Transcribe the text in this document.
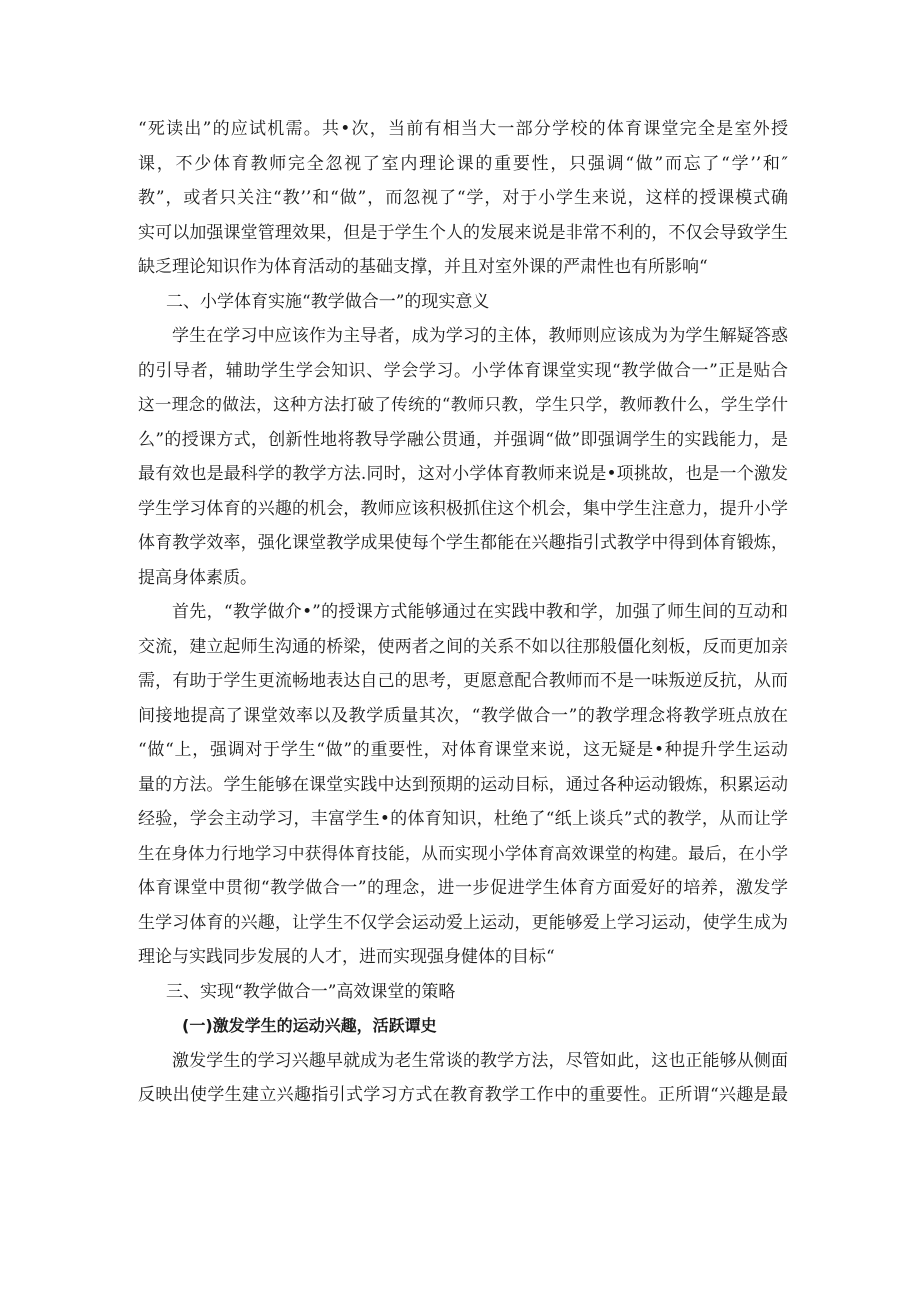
“死读出”的应试机需。共•次，当前有相当大一部分学校的体育课堂完全是室外授
课，不少体育教师完全忽视了室内理论课的重要性，只强调“做”而忘了“学’’和″
教”，或者只关注“教’’和“做”，而忽视了“学，对于小学生来说，这样的授课模式确
实可以加强课堂管理效果，但是于学生个人的发展来说是非常不利的，不仅会导致学生
缺乏理论知识作为体育活动的基础支撑，并且对室外课的严肃性也有所影响“
二、小学体育实施“教学做合一”的现实意义
学生在学习中应该作为主导者，成为学习的主体，教师则应该成为为学生解疑答惑
的引导者，辅助学生学会知识、学会学习。小学体育课堂实现“教学做合一”正是贴合
这一理念的做法，这种方法打破了传统的“教师只教，学生只学，教师教什么，学生学什
么”的授课方式，创新性地将教导学融公贯通，并强调“做”即强调学生的实践能力，是
最有效也是最科学的教学方法.同时，这对小学体育教师来说是•项挑故，也是一个激发
学生学习体育的兴趣的机会，教师应该积极抓住这个机会，集中学生注意力，提升小学
体育教学效率，强化课堂教学成果使每个学生都能在兴趣指引式教学中得到体育锻炼，
提高身体素质。
首先，“教学做介•”的授课方式能够通过在实践中教和学，加强了师生间的互动和
交流，建立起师生沟通的桥梁，使两者之间的关系不如以往那般僵化刻板，反而更加亲
需，有助于学生更流畅地表达自己的思考，更愿意配合教师而不是一味叛逆反抗，从而
间接地提高了课堂效率以及教学质量其次，“教学做合一”的教学理念将教学班点放在
“做“上，强调对于学生“做”的重要性，对体育课堂来说，这无疑是•种提升学生运动
量的方法。学生能够在课堂实践中达到预期的运动目标，通过各种运动锻炼，积累运动
经验，学会主动学习，丰富学生•的体育知识，杜绝了“纸上谈兵”式的教学，从而让学
生在身体力行地学习中获得体育技能，从而实现小学体育高效课堂的构建。最后，在小学
体育课堂中贯彻“教学做合一”的理念，进一步促进学生体育方面爱好的培养，激发学
生学习体育的兴趣，让学生不仅学会运动爱上运动，更能够爱上学习运动，使学生成为
理论与实践同步发展的人才，进而实现强身健体的目标“
三、实现“教学做合一”高效课堂的策略
(一)激发学生的运动兴趣，活跃谭史
激发学生的学习兴趣早就成为老生常谈的教学方法，尽管如此，这也正能够从侧面
反映出使学生建立兴趣指引式学习方式在教育教学工作中的重要性。正所谓“兴趣是最
